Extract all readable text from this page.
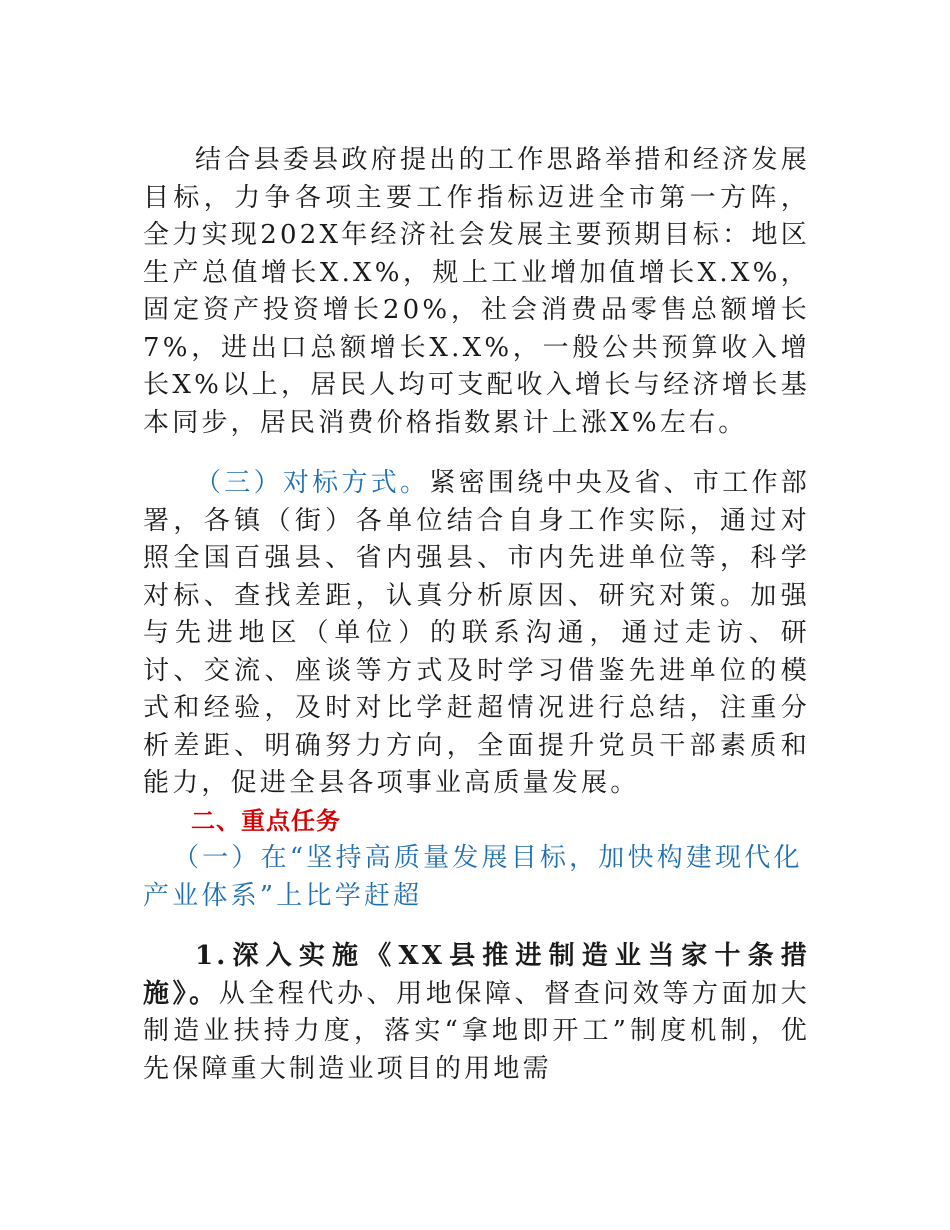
结合县委县政府提出的工作思路举措和经济发展目标，力争各项主要工作指标迈进全市第一方阵，全力实现202X年经济社会发展主要预期目标：地区生产总值增长X.X%，规上工业增加值增长X.X%，固定资产投资增长20%，社会消费品零售总额增长7%，进出口总额增长X.X%，一般公共预算收入增长X%以上，居民人均可支配收入增长与经济增长基本同步，居民消费价格指数累计上涨X%左右。

（三）对标方式。紧密围绕中央及省、市工作部署，各镇（街）各单位结合自身工作实际，通过对照全国百强县、省内强县、市内先进单位等，科学对标、查找差距，认真分析原因、研究对策。加强与先进地区（单位）的联系沟通，通过走访、研讨、交流、座谈等方式及时学习借鉴先进单位的模式和经验，及时对比学赶超情况进行总结，注重分析差距、明确努力方向，全面提升党员干部素质和能力，促进全县各项事业高质量发展。

二、重点任务

（一）在“坚持高质量发展目标，加快构建现代化产业体系”上比学赶超

1.深入实施《XX县推进制造业当家十条措施》。从全程代办、用地保障、督查问效等方面加大制造业扶持力度，落实“拿地即开工”制度机制，优先保障重大制造业项目的用地需
